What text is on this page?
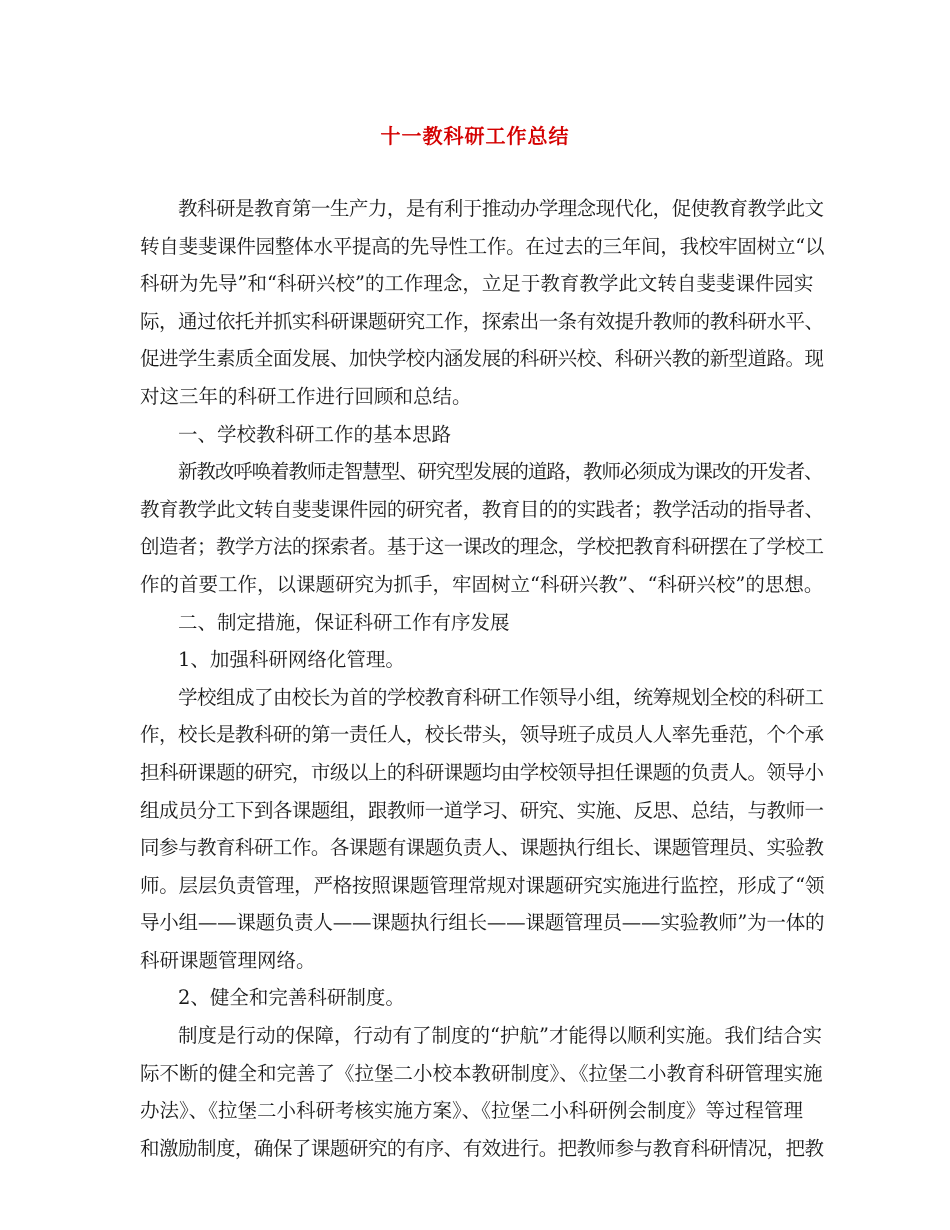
十一教科研工作总结
教科研是教育第一生产力，是有利于推动办学理念现代化，促使教育教学此文
转自斐斐课件园整体水平提高的先导性工作。在过去的三年间，我校牢固树立“以
科研为先导”和“科研兴校”的工作理念，立足于教育教学此文转自斐斐课件园实
际，通过依托并抓实科研课题研究工作，探索出一条有效提升教师的教科研水平、
促进学生素质全面发展、加快学校内涵发展的科研兴校、科研兴教的新型道路。现
对这三年的科研工作进行回顾和总结。
一、学校教科研工作的基本思路
新教改呼唤着教师走智慧型、研究型发展的道路，教师必须成为课改的开发者、
教育教学此文转自斐斐课件园的研究者，教育目的的实践者；教学活动的指导者、
创造者；教学方法的探索者。基于这一课改的理念，学校把教育科研摆在了学校工
作的首要工作，以课题研究为抓手，牢固树立“科研兴教”、“科研兴校”的思想。
二、制定措施，保证科研工作有序发展
1、加强科研网络化管理。
学校组成了由校长为首的学校教育科研工作领导小组，统筹规划全校的科研工
作，校长是教科研的第一责任人，校长带头，领导班子成员人人率先垂范，个个承
担科研课题的研究，市级以上的科研课题均由学校领导担任课题的负责人。领导小
组成员分工下到各课题组，跟教师一道学习、研究、实施、反思、总结，与教师一
同参与教育科研工作。各课题有课题负责人、课题执行组长、课题管理员、实验教
师。层层负责管理，严格按照课题管理常规对课题研究实施进行监控，形成了“领
导小组——课题负责人——课题执行组长——课题管理员——实验教师”为一体的
科研课题管理网络。
2、健全和完善科研制度。
制度是行动的保障，行动有了制度的“护航”才能得以顺利实施。我们结合实
际不断的健全和完善了《拉堡二小校本教研制度》、《拉堡二小教育科研管理实施
办法》、《拉堡二小科研考核实施方案》、《拉堡二小科研例会制度》等过程管理
和激励制度，确保了课题研究的有序、有效进行。把教师参与教育科研情况，把教
